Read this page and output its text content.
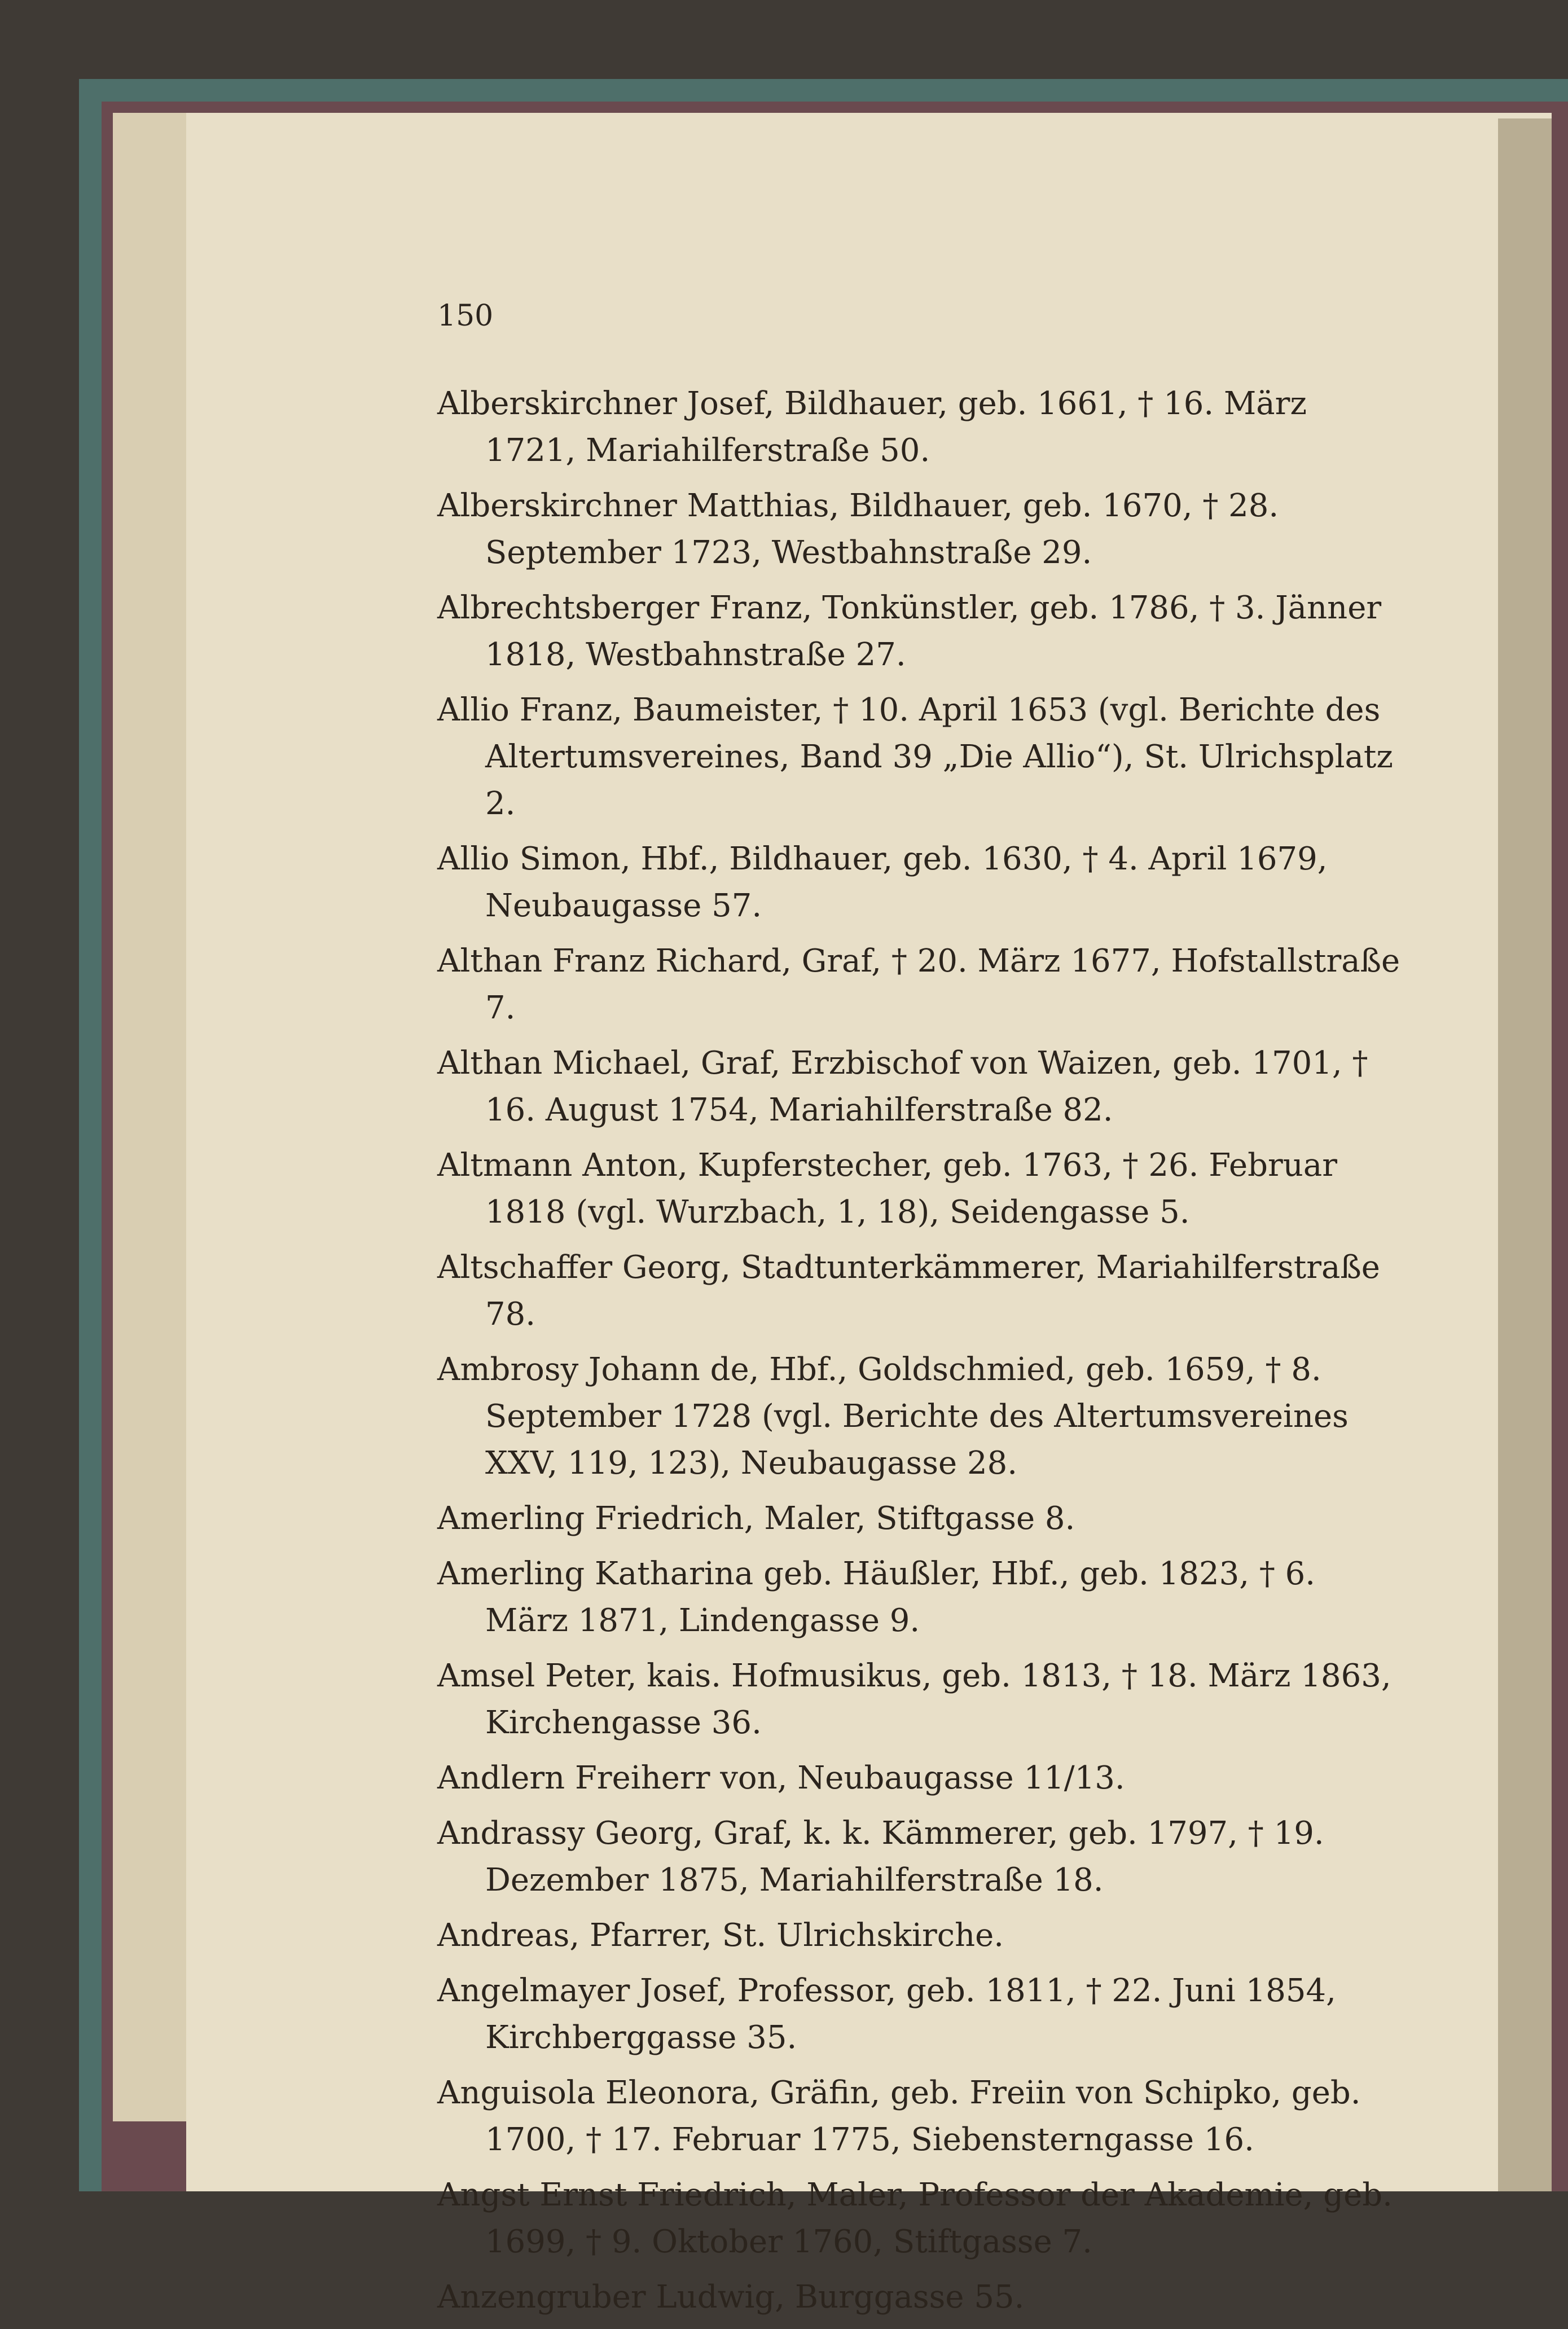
150
Alberskirchner Josef, Bildhauer, geb. 1661, † 16. März 1721, Mariahilferstraße 50.
Alberskirchner Matthias, Bildhauer, geb. 1670, † 28. September 1723, Westbahnstraße 29.
Albrechtsberger Franz, Tonkünstler, geb. 1786, † 3. Jänner 1818, Westbahnstraße 27.
Allio Franz, Baumeister, † 10. April 1653 (vgl. Berichte des Altertumsvereines, Band 39 „Die Allio“), St. Ulrichsplatz 2.
Allio Simon, Hbf., Bildhauer, geb. 1630, † 4. April 1679, Neubaugasse 57.
Althan Franz Richard, Graf, † 20. März 1677, Hofstallstraße 7.
Althan Michael, Graf, Erzbischof von Waizen, geb. 1701, † 16. August 1754, Mariahilferstraße 82.
Altmann Anton, Kupferstecher, geb. 1763, † 26. Februar 1818 (vgl. Wurzbach, 1, 18), Seidengasse 5.
Altschaffer Georg, Stadtunterkämmerer, Mariahilferstraße 78.
Ambrosy Johann de, Hbf., Goldschmied, geb. 1659, † 8. September 1728 (vgl. Berichte des Altertumsvereines XXV, 119, 123), Neubaugasse 28.
Amerling Friedrich, Maler, Stiftgasse 8.
Amerling Katharina geb. Häußler, Hbf., geb. 1823, † 6. März 1871, Lindengasse 9.
Amsel Peter, kais. Hofmusikus, geb. 1813, † 18. März 1863, Kirchengasse 36.
Andlern Freiherr von, Neubaugasse 11/13.
Andrassy Georg, Graf, k. k. Kämmerer, geb. 1797, † 19. Dezember 1875, Mariahilferstraße 18.
Andreas, Pfarrer, St. Ulrichskirche.
Angelmayer Josef, Professor, geb. 1811, † 22. Juni 1854, Kirchberggasse 35.
Anguisola Eleonora, Gräfin, geb. Freiin von Schipko, geb. 1700, † 17. Februar 1775, Siebensterngasse 16.
Angst Ernst Friedrich, Maler, Professor der Akademie, geb. 1699, † 9. Oktober 1760, Stiftgasse 7.
Anzengruber Ludwig, Burggasse 55.
